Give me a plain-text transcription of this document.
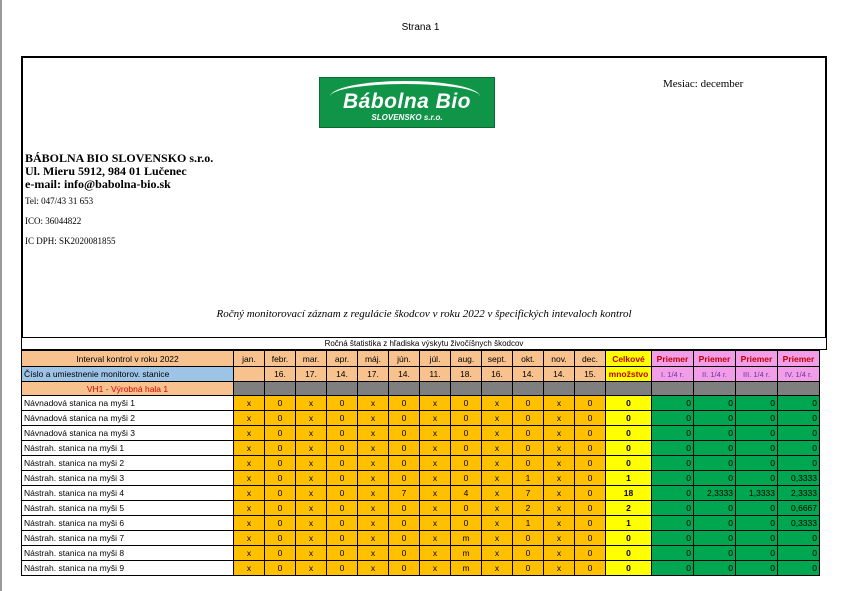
Strana 1
Bábolna Bio
SLOVENSKO s.r.o.
Mesiac: december
BÁBOLNA BIO SLOVENSKO s.r.o.
Ul. Mieru 5912, 984 01 Lučenec
e-mail: info@babolna-bio.sk
Tel: 047/43 31 653
ICO: 36044822
IC DPH: SK2020081855
Ročný monitorovací záznam z regulácie škodcov v roku 2022 v špecifických intevaloch kontrol
Ročná štatistika z hľadiska výskytu živočíšnych škodcov
Interval kontrol v roku 2022	jan.	febr.	mar.	apr.	máj.	jún.	júl.	aug.	sept.	okt.	nov.	dec.	Celkové	Priemer	Priemer	Priemer	Priemer
Číslo a umiestnenie monitorov. stanice		16.	17.	14.	17.	14.	11.	18.	16.	14.	14.	15.	množstvo	I. 1/4 r.	II. 1/4 r.	III. 1/4 r.	IV. 1/4 r.
VH1 - Výrobná hala 1																	
Návnadová stanica na myši 1	x	0	x	0	x	0	x	0	x	0	x	0	0	0	0	0	0
Návnadová stanica na myši 2	x	0	x	0	x	0	x	0	x	0	x	0	0	0	0	0	0
Návnadová stanica na myši 3	x	0	x	0	x	0	x	0	x	0	x	0	0	0	0	0	0
Nástrah. stanica na myši 1	x	0	x	0	x	0	x	0	x	0	x	0	0	0	0	0	0
Nástrah. stanica na myši 2	x	0	x	0	x	0	x	0	x	0	x	0	0	0	0	0	0
Nástrah. stanica na myši 3	x	0	x	0	x	0	x	0	x	1	x	0	1	0	0	0	0,3333
Nástrah. stanica na myši 4	x	0	x	0	x	7	x	4	x	7	x	0	18	0	2,3333	1,3333	2,3333
Nástrah. stanica na myši 5	x	0	x	0	x	0	x	0	x	2	x	0	2	0	0	0	0,6667
Nástrah. stanica na myši 6	x	0	x	0	x	0	x	0	x	1	x	0	1	0	0	0	0,3333
Nástrah. stanica na myši 7	x	0	x	0	x	0	x	m	x	0	x	0	0	0	0	0	0
Nástrah. stanica na myši 8	x	0	x	0	x	0	x	m	x	0	x	0	0	0	0	0	0
Nástrah. stanica na myši 9	x	0	x	0	x	0	x	m	x	0	x	0	0	0	0	0	0
